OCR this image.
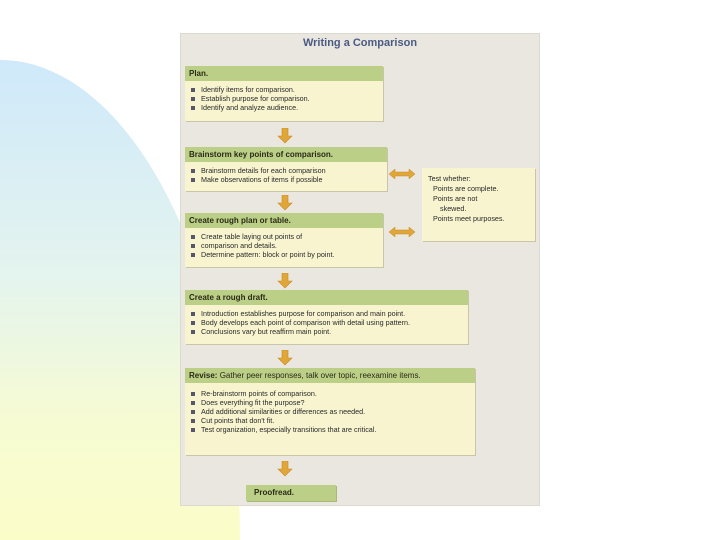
Writing a Comparison
Plan.
Identify items for comparison.
Establish purpose for comparison.
Identify and analyze audience.
Brainstorm key points of comparison.
Brainstorm details for each comparison
Make observations of items if possible
Create rough plan or table.
Create table laying out points of
comparison and details.
Determine pattern: block or point by point.
Test whether:
Points are complete.
Points are not
skewed.
Points meet purposes.
Create a rough draft.
Introduction establishes purpose for comparison and main point.
Body develops each point of comparison with detail using pattern.
Conclusions vary but reaffirm main point.
Revise: Gather peer responses, talk over topic, reexamine items.
Re-brainstorm points of comparison.
Does everything fit the purpose?
Add additional similarities or differences as needed.
Cut points that don't fit.
Test organization, especially transitions that are critical.
Proofread.
